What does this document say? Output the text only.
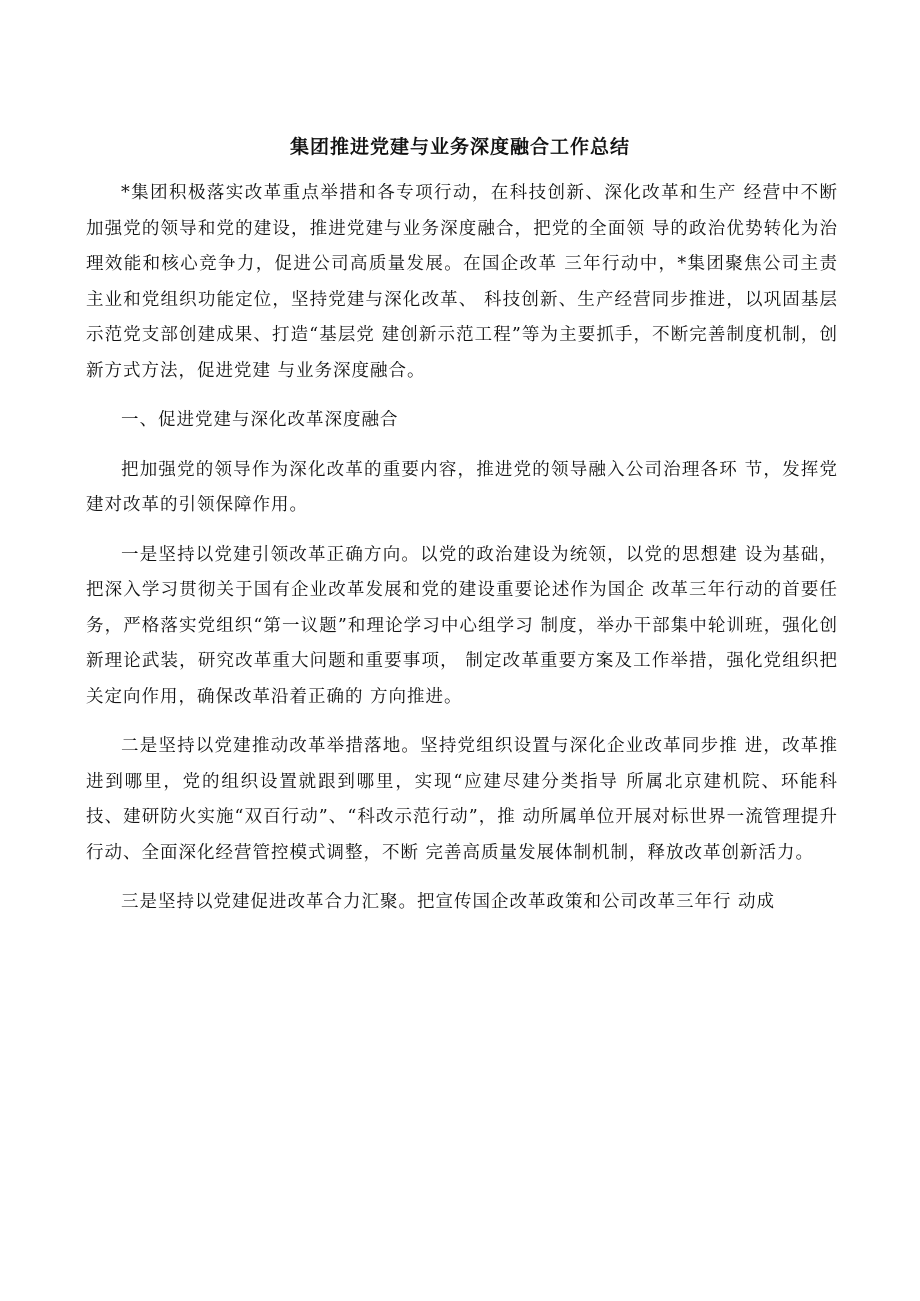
集团推进党建与业务深度融合工作总结

*集团积极落实改革重点举措和各专项行动，在科技创新、深化改革和生产 经营中不断加强党的领导和党的建设，推进党建与业务深度融合，把党的全面领 导的政治优势转化为治理效能和核心竞争力，促进公司高质量发展。在国企改革 三年行动中，*集团聚焦公司主责主业和党组织功能定位，坚持党建与深化改革、 科技创新、生产经营同步推进，以巩固基层示范党支部创建成果、打造“基层党 建创新示范工程”等为主要抓手，不断完善制度机制，创新方式方法，促进党建 与业务深度融合。

一、促进党建与深化改革深度融合

把加强党的领导作为深化改革的重要内容，推进党的领导融入公司治理各环 节，发挥党建对改革的引领保障作用。

一是坚持以党建引领改革正确方向。以党的政治建设为统领，以党的思想建 设为基础，把深入学习贯彻关于国有企业改革发展和党的建设重要论述作为国企 改革三年行动的首要任务，严格落实党组织“第一议题”和理论学习中心组学习 制度，举办干部集中轮训班，强化创新理论武装，研究改革重大问题和重要事项， 制定改革重要方案及工作举措，强化党组织把关定向作用，确保改革沿着正确的 方向推进。

二是坚持以党建推动改革举措落地。坚持党组织设置与深化企业改革同步推 进，改革推进到哪里，党的组织设置就跟到哪里，实现“应建尽建分类指导 所属北京建机院、环能科技、建研防火实施“双百行动”、“科改示范行动”，推 动所属单位开展对标世界一流管理提升行动、全面深化经营管控模式调整，不断 完善高质量发展体制机制，释放改革创新活力。

三是坚持以党建促进改革合力汇聚。把宣传国企改革政策和公司改革三年行 动成
